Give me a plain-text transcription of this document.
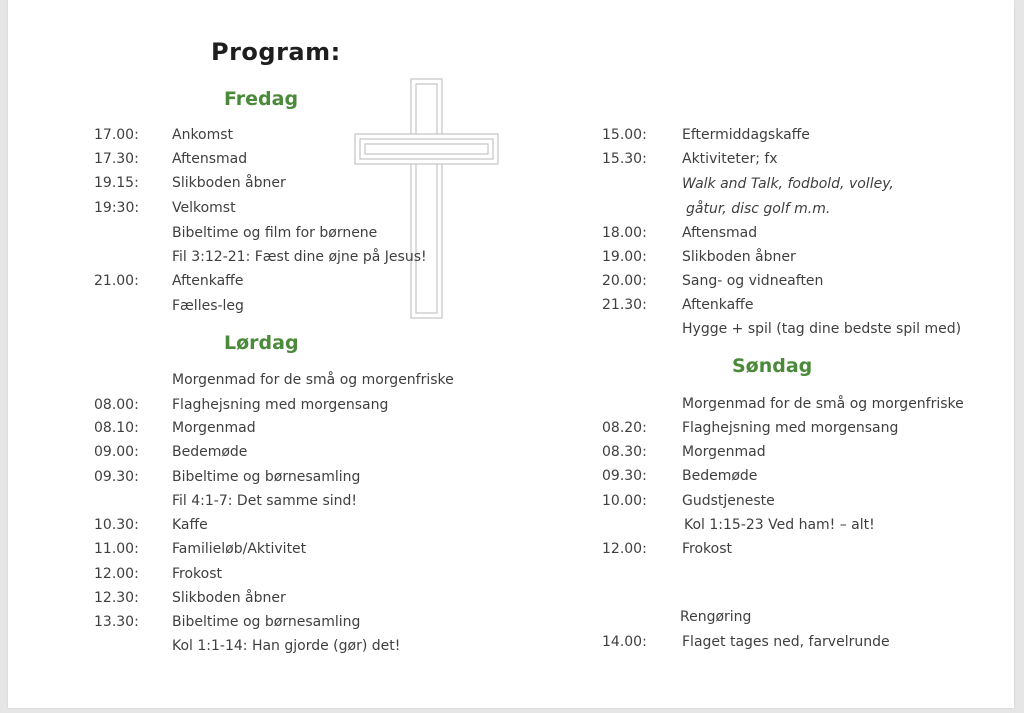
Program:
Fredag
17.00: Ankomst
17.30: Aftensmad
19.15: Slikboden åbner
19:30: Velkomst
Bibeltime og film for børnene
Fil 3:12-21: Fæst dine øjne på Jesus!
21.00: Aftenkaffe
Fælles-leg
Lørdag
Morgenmad for de små og morgenfriske
08.00: Flaghejsning med morgensang
08.10: Morgenmad
09.00: Bedemøde
09.30: Bibeltime og børnesamling
Fil 4:1-7: Det samme sind!
10.30: Kaffe
11.00: Familieløb/Aktivitet
12.00: Frokost
12.30: Slikboden åbner
13.30: Bibeltime og børnesamling
Kol 1:1-14: Han gjorde (gør) det!
15.00:	Eftermiddagskaffe
15.30:	Aktiviteter; fx
Walk and Talk, fodbold, volley,
gåtur, disc golf m.m.
18.00:	Aftensmad
19.00:	Slikboden åbner
20.00:	Sang- og vidneaften
21.30:	Aftenkaffe
Hygge + spil (tag dine bedste spil med)
Søndag
Morgenmad for de små og morgenfriske
08.20:	Flaghejsning med morgensang
08.30:	Morgenmad
09.30:	Bedemøde
10.00:	Gudstjeneste
Kol 1:15-23 Ved ham! – alt!
12.00:	Frokost
Rengøring
14.00:	Flaget tages ned, farvelrunde
